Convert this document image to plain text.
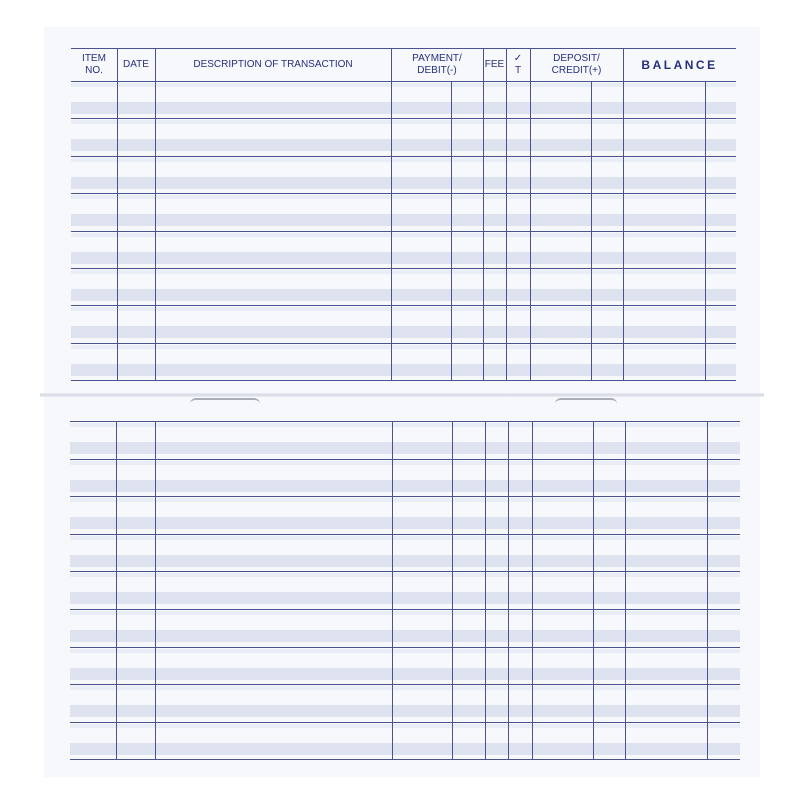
ITEM
NO.
DATE	DESCRIPTION OF TRANSACTION
PAYMENT/
DEBIT(-)
FEE
✓
T
DEPOSIT/
CREDIT(+)	BALANCE
